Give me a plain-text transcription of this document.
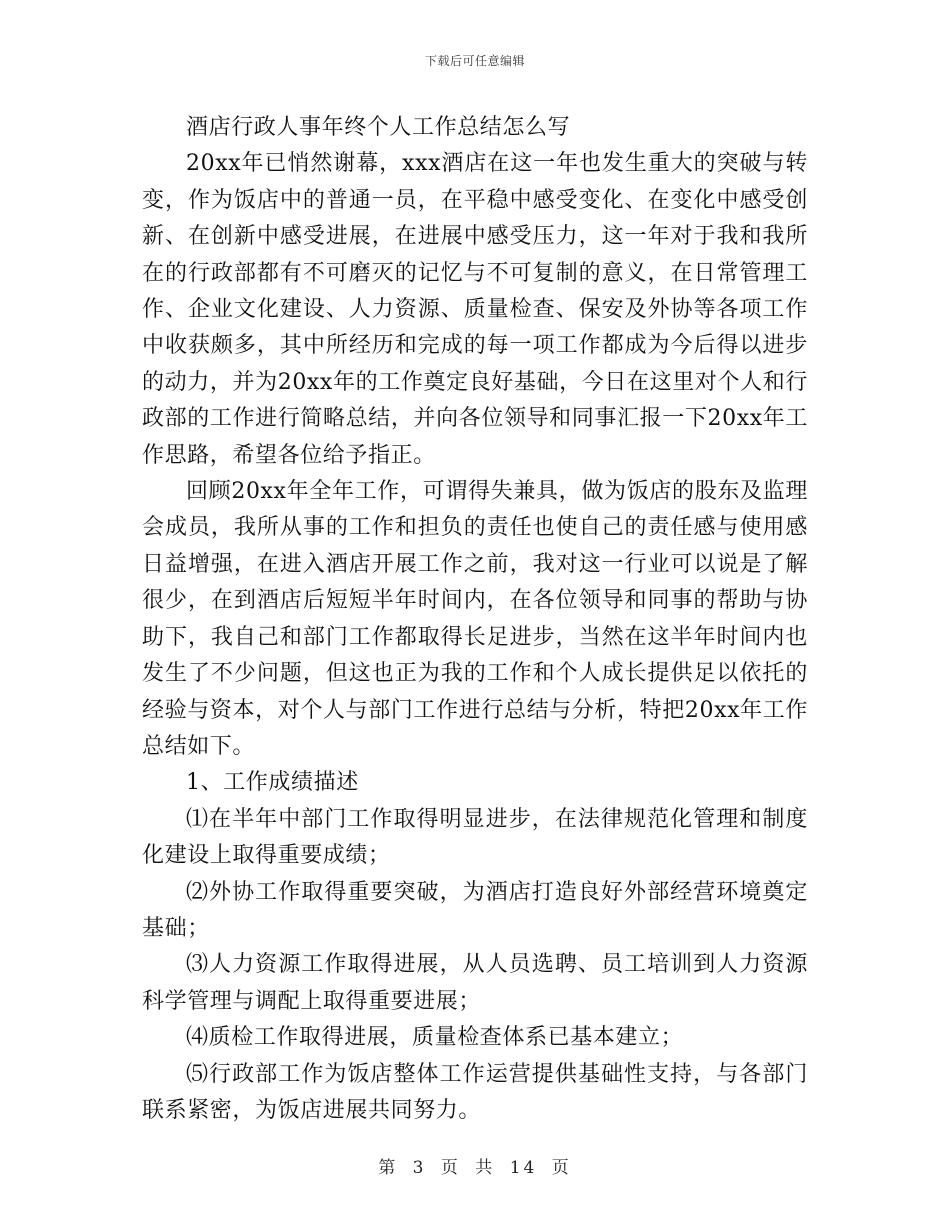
下载后可任意编辑

酒店行政人事年终个人工作总结怎么写

20xx年已悄然谢幕，xxx酒店在这一年也发生重大的突破与转变，作为饭店中的普通一员，在平稳中感受变化、在变化中感受创新、在创新中感受进展，在进展中感受压力，这一年对于我和我所在的行政部都有不可磨灭的记忆与不可复制的意义，在日常管理工作、企业文化建设、人力资源、质量检查、保安及外协等各项工作中收获颇多，其中所经历和完成的每一项工作都成为今后得以进步的动力，并为20xx年的工作奠定良好基础，今日在这里对个人和行政部的工作进行简略总结，并向各位领导和同事汇报一下20xx年工作思路，希望各位给予指正。

回顾20xx年全年工作，可谓得失兼具，做为饭店的股东及监理会成员，我所从事的工作和担负的责任也使自己的责任感与使用感日益增强，在进入酒店开展工作之前，我对这一行业可以说是了解很少，在到酒店后短短半年时间内，在各位领导和同事的帮助与协助下，我自己和部门工作都取得长足进步，当然在这半年时间内也发生了不少问题，但这也正为我的工作和个人成长提供足以依托的经验与资本，对个人与部门工作进行总结与分析，特把20xx年工作总结如下。

1、工作成绩描述

⑴在半年中部门工作取得明显进步，在法律规范化管理和制度化建设上取得重要成绩；

⑵外协工作取得重要突破，为酒店打造良好外部经营环境奠定基础；

⑶人力资源工作取得进展，从人员选聘、员工培训到人力资源科学管理与调配上取得重要进展；

⑷质检工作取得进展，质量检查体系已基本建立；

⑸行政部工作为饭店整体工作运营提供基础性支持，与各部门联系紧密，为饭店进展共同努力。

第 3 页 共 14 页
